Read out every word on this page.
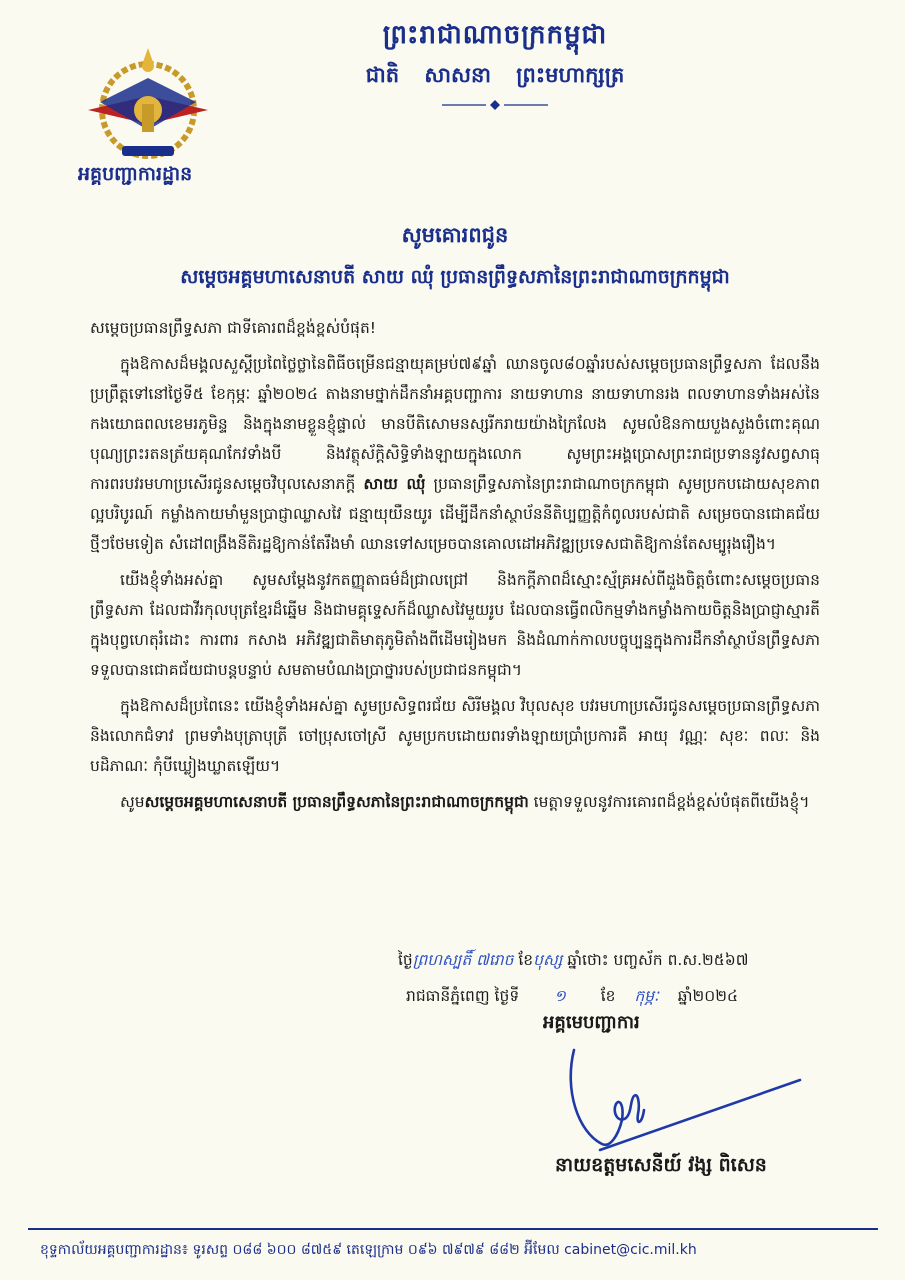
អគ្គបញ្ជាការដ្ឋាន
ព្រះរាជាណាចក្រកម្ពុជា
ជាតិ សាសនា ព្រះមហាក្សត្រ
សូមគោរពជូន
សម្តេចអគ្គមហាសេនាបតី សាយ ឈុំ ប្រធានព្រឹទ្ធសភានៃព្រះរាជាណាចក្រកម្ពុជា

សម្តេចប្រធានព្រឹទ្ធសភា ជាទីគោរពដ៏ខ្ពង់ខ្ពស់បំផុត!

ក្នុងឱកាសដ៏មង្គលសួស្តីប្រពៃថ្លៃថ្លានៃពិធីចម្រើនជន្មាយុគម្រប់៧៩ឆ្នាំ ឈានចូល៨០ឆ្នាំរបស់សម្តេចប្រធានព្រឹទ្ធសភា ដែលនឹងប្រព្រឹត្តទៅនៅថ្ងៃទី៥ ខែកុម្ភៈ ឆ្នាំ២០២៤ តាងនាមថ្នាក់ដឹកនាំអគ្គបញ្ជាការ នាយទាហាន នាយទាហានរង ពលទាហានទាំងអស់នៃកងយោធពលខេមរភូមិន្ទ និងក្នុងនាមខ្លួនខ្ញុំផ្ទាល់ មានបីតិសោមនស្សរីករាយយ៉ាងក្រៃលែង សូមលំឱនកាយបួងសួងចំពោះគុណបុណ្យព្រះរតនត្រ័យគុណកែវទាំងបី និងវត្ថុស័ក្តិសិទ្ធិទាំងឡាយក្នុងលោក សូមព្រះអង្គប្រោសព្រះរាជប្រទាននូវសព្វសាធុការពរបវរមហាប្រសើរជូនសម្តេចវិបុលសេនាភក្តី សាយ ឈុំ ប្រធានព្រឹទ្ធសភានៃព្រះរាជាណាចក្រកម្ពុជា សូមប្រកបដោយសុខភាពល្អបរិបូរណ៍ កម្លាំងកាយមាំមួនប្រាជ្ញាឈ្លាសវៃ ជន្មាយុយឺនយូរ ដើម្បីដឹកនាំស្ថាប័ននីតិប្បញ្ញត្តិកំពូលរបស់ជាតិ សម្រេចបានជោគជ័យថ្មីៗថែមទៀត សំដៅពង្រឹងនីតិរដ្ឋឱ្យកាន់តែរឹងមាំ ឈានទៅសម្រេចបានគោលដៅអភិវឌ្ឍប្រទេសជាតិឱ្យកាន់តែសម្បូរុងរឿង។

យើងខ្ញុំទាំងអស់គ្នា សូមសម្តែងនូវកតញ្ញុតាធម៌ដ៏ជ្រាលជ្រៅ និងកក្តីភាពដ៏ស្មោះស្ម័គ្រអស់ពីដួងចិត្តចំពោះសម្តេចប្រធានព្រឹទ្ធសភា ដែលជាវីរកុលបុត្រខ្មែរដ៏ឆ្នើម និងជាមគ្គុទ្ទេសក៍ដ៏ឈ្លាសវៃមួយរូប ដែលបានធ្វើពលិកម្មទាំងកម្លាំងកាយចិត្តនិងប្រាជ្ញាស្មារតី ក្នុងបុព្វហេតុរំដោះ ការពារ កសាង អភិវឌ្ឍជាតិមាតុភូមិតាំងពីដើមរៀងមក និងដំណាក់កាលបច្ចុប្បន្នក្នុងការដឹកនាំស្ថាប័នព្រឹទ្ធសភា ទទួលបានជោគជ័យជាបន្តបន្ទាប់ សមតាមបំណងប្រាថ្នារបស់ប្រជាជនកម្ពុជា។

ក្នុងឱកាសដ៏ប្រពៃនេះ យើងខ្ញុំទាំងអស់គ្នា សូមប្រសិទ្ធពរជ័យ សិរីមង្គល វិបុលសុខ បវរមហាប្រសើរជូនសម្តេចប្រធានព្រឹទ្ធសភា និងលោកជំទាវ ព្រមទាំងបុត្រាបុត្រី ចៅប្រុសចៅស្រី សូមប្រកបដោយពរទាំងឡាយប្រាំប្រការគឺ អាយុ វណ្ណៈ សុខៈ ពលៈ និងបដិភាណៈ កុំបីឃ្លៀងឃ្លាតឡើយ។

សូមសម្តេចអគ្គមហាសេនាបតី ប្រធានព្រឹទ្ធសភានៃព្រះរាជាណាចក្រកម្ពុជា មេត្តាទទួលនូវការគោរពដ៏ខ្ពង់ខ្ពស់បំផុតពីយើងខ្ញុំ។

ថ្ងៃព្រហស្បតិ៍ ៧រោច ខែបុស្ស ឆ្នាំថោះ បញ្ចស័ក ព.ស.២៥៦៧
រាជធានីភ្នំពេញ ថ្ងៃទី ១ ខែ កុម្ភៈ ឆ្នាំ២០២៤
អគ្គមេបញ្ជាការ
នាយឧត្តមសេនីយ៍ វង្ស ពិសេន
ខុទ្ទកាល័យអគ្គបញ្ជាការដ្ឋាន៖ ទូរសព្ទ ០៨៨ ៦០០ ៨៧៥៩ តេឡេក្រាម ០៩៦ ៧៩៧៩ ៨៨២ អ៊ីមែល cabinet@cic.mil.kh
